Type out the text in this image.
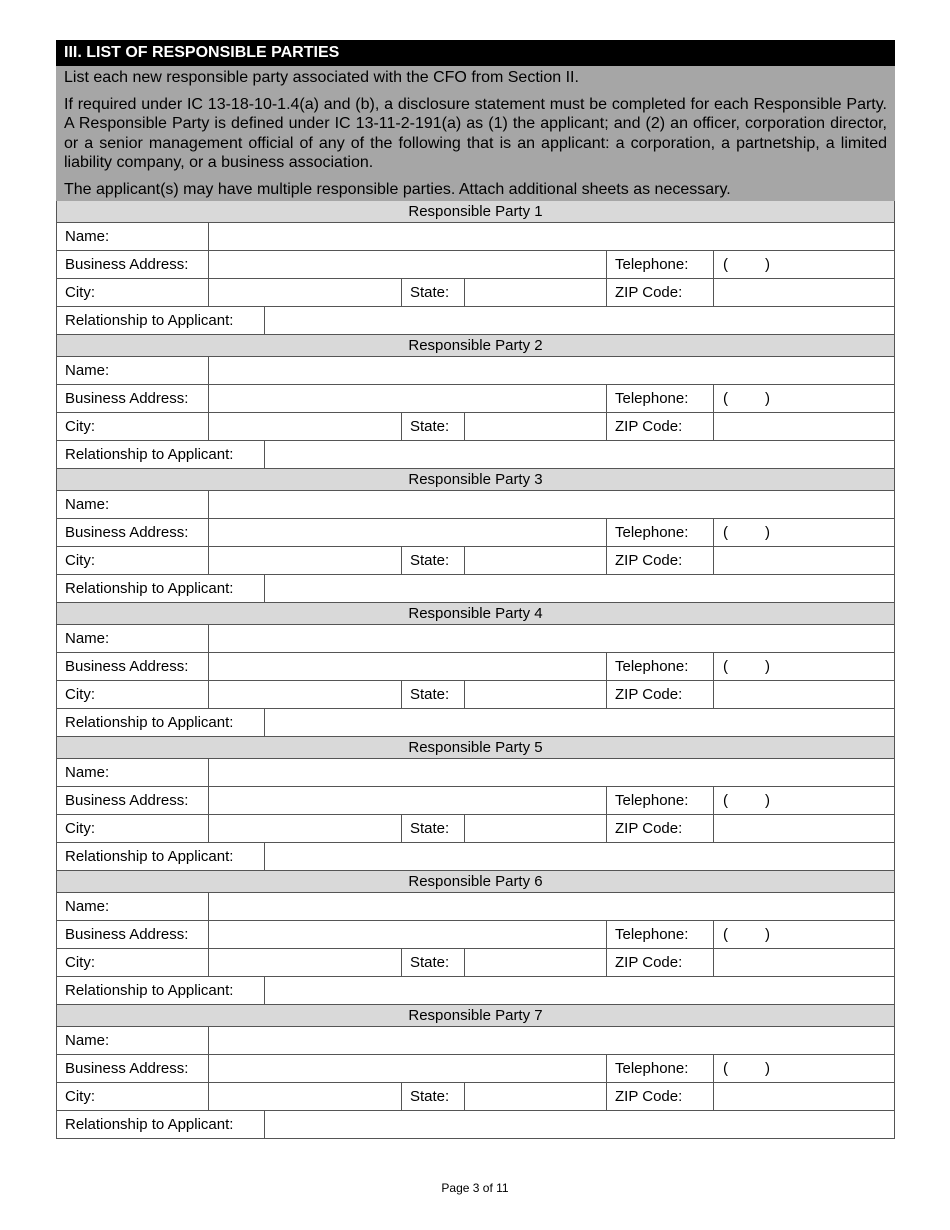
III. LIST OF RESPONSIBLE PARTIES

List each new responsible party associated with the CFO from Section II.

If required under IC 13-18-10-1.4(a) and (b), a disclosure statement must be completed for each Responsible Party. A Responsible Party is defined under IC 13-11-2-191(a) as (1) the applicant; and (2) an officer, corporation director, or a senior management official of any of the following that is an applicant: a corporation, a partnetship, a limited liability company, or a business association.

The applicant(s) may have multiple responsible parties. Attach additional sheets as necessary.

Responsible Party 1
Name:
Business Address:	Telephone: ( )
City:	State:	ZIP Code:
Relationship to Applicant:
Responsible Party 2
Name:
Business Address:	Telephone: ( )
City:	State:	ZIP Code:
Relationship to Applicant:
Responsible Party 3
Name:
Business Address:	Telephone: ( )
City:	State:	ZIP Code:
Relationship to Applicant:
Responsible Party 4
Name:
Business Address:	Telephone: ( )
City:	State:	ZIP Code:
Relationship to Applicant:
Responsible Party 5
Name:
Business Address:	Telephone: ( )
City:	State:	ZIP Code:
Relationship to Applicant:
Responsible Party 6
Name:
Business Address:	Telephone: ( )
City:	State:	ZIP Code:
Relationship to Applicant:
Responsible Party 7
Name:
Business Address:	Telephone: ( )
City:	State:	ZIP Code:
Relationship to Applicant:
Page 3 of 11
